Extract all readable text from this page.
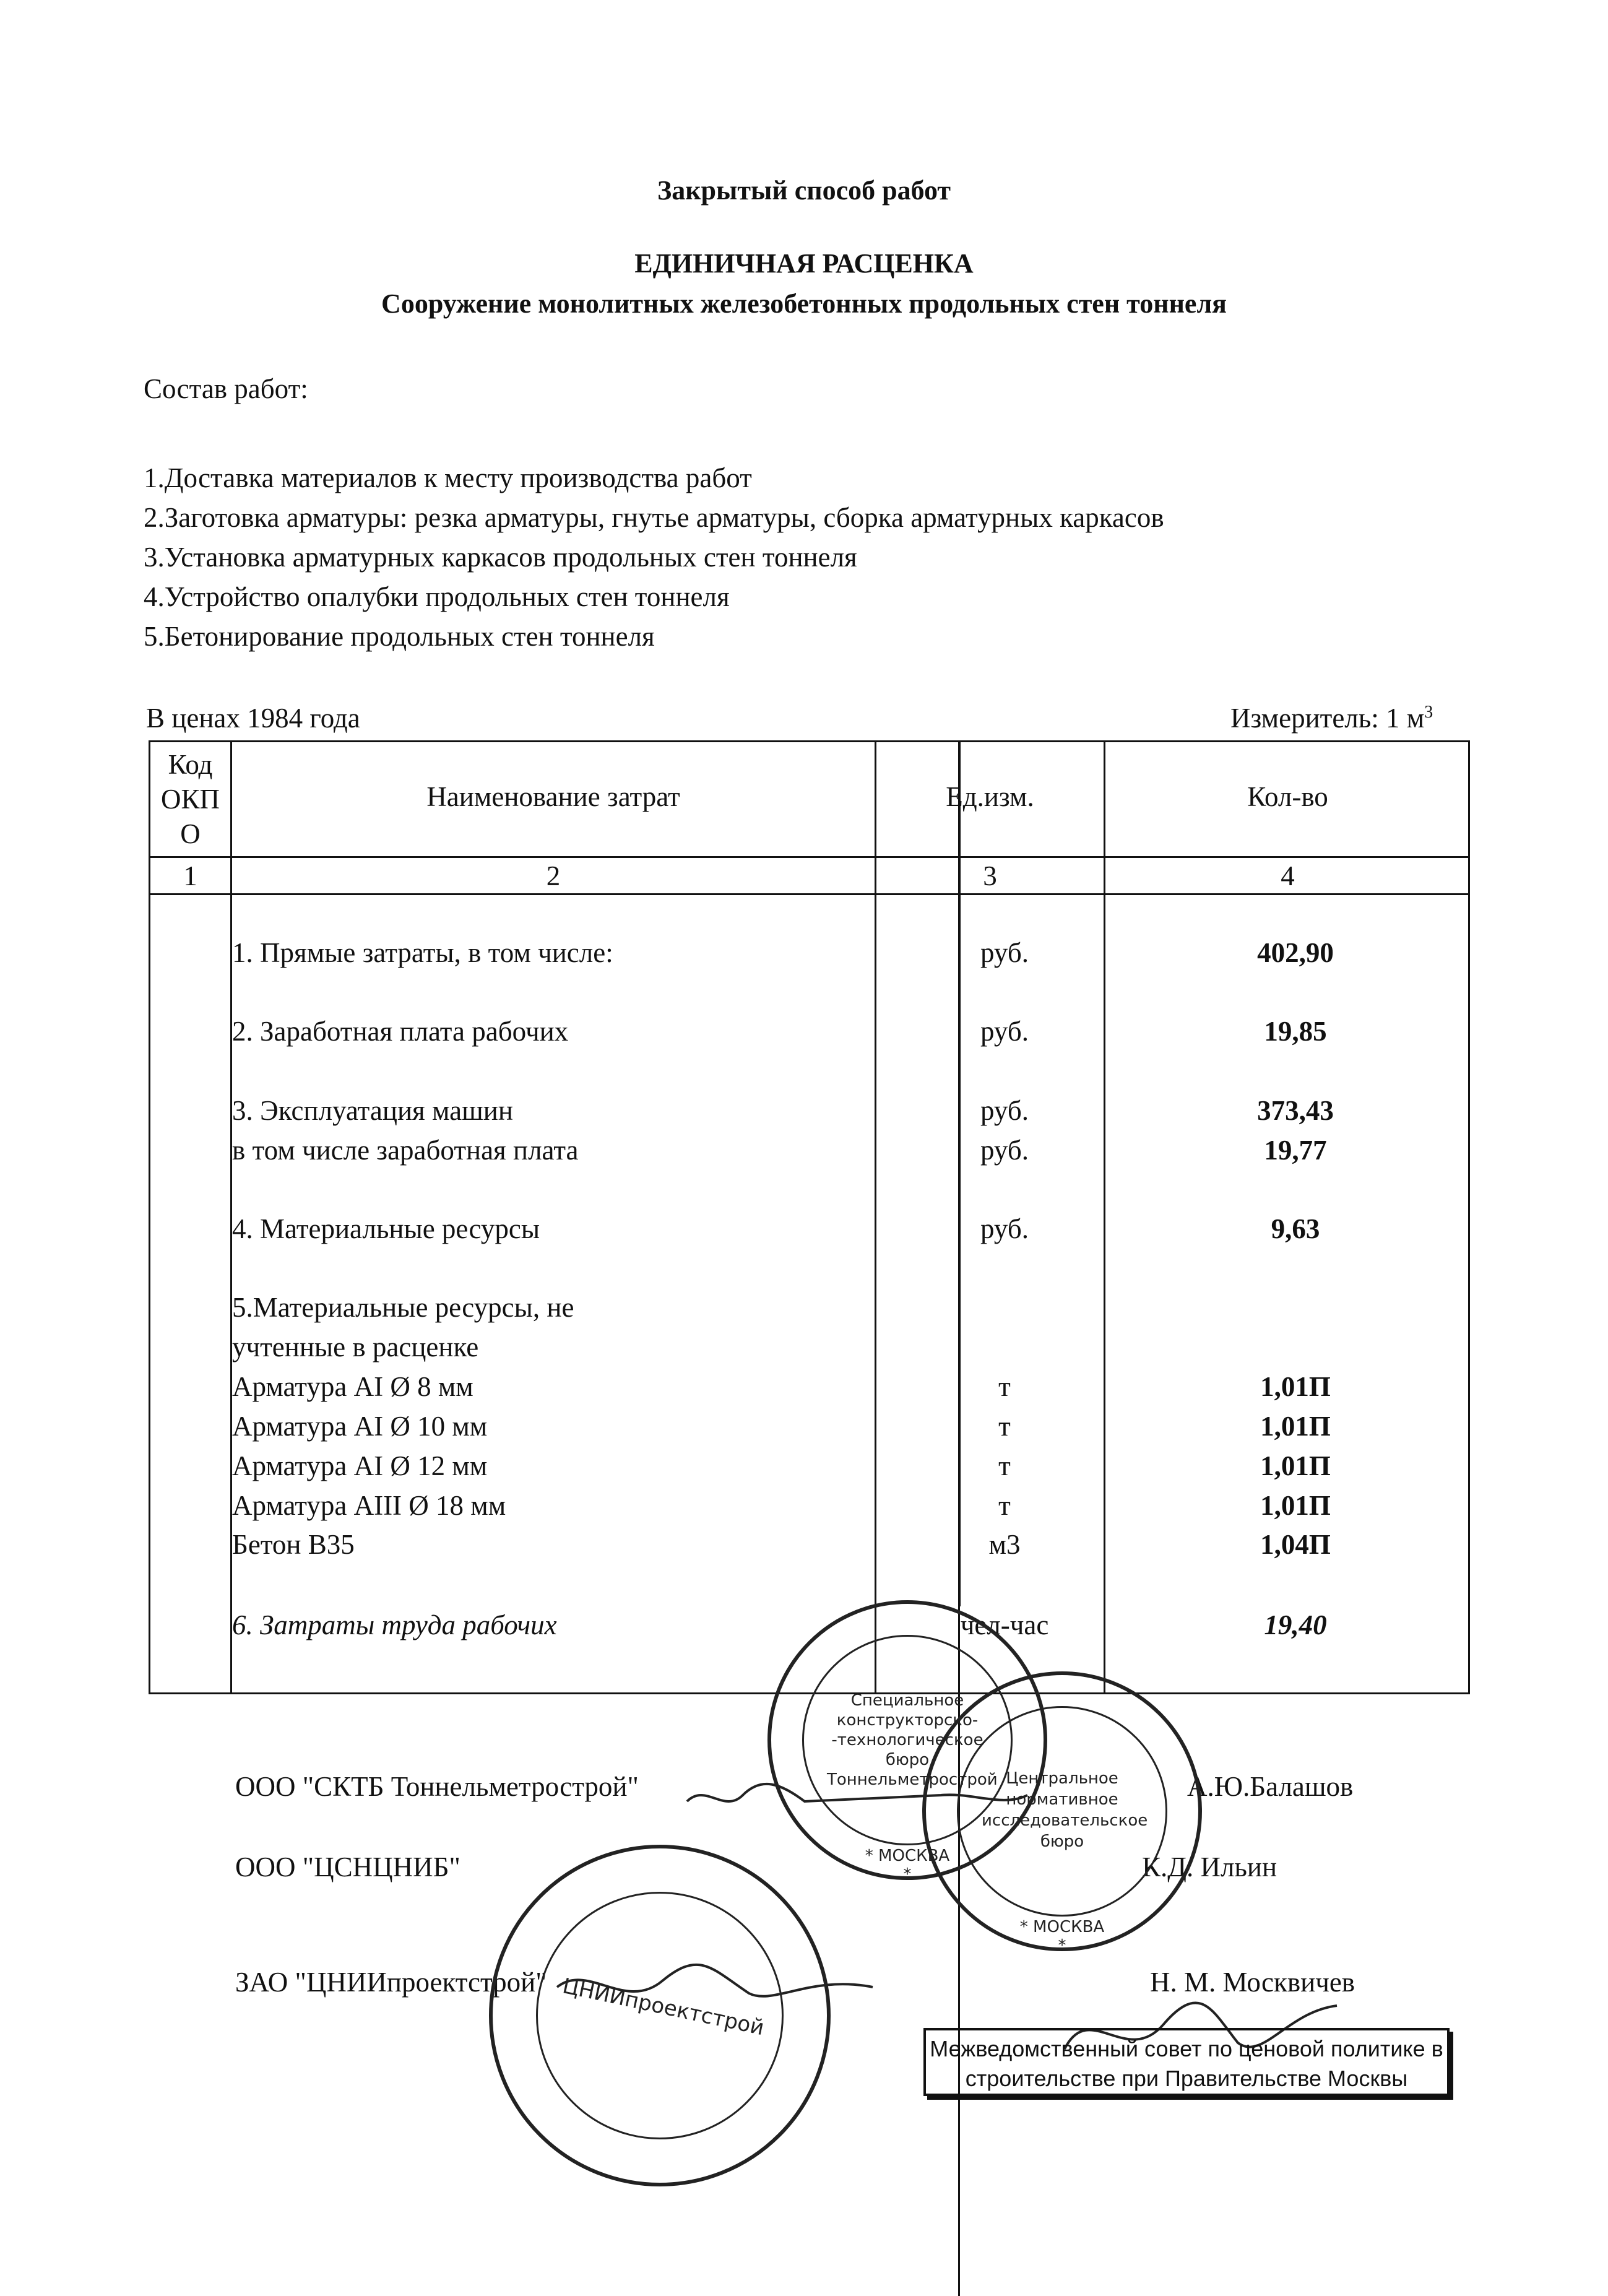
Закрытый способ работ
ЕДИНИЧНАЯ РАСЦЕНКА
Сооружение монолитных железобетонных продольных стен тоннеля
Состав работ:
1.Доставка материалов к месту производства работ
2.Заготовка арматуры: резка арматуры, гнутье арматуры, сборка арматурных каркасов
3.Установка арматурных каркасов продольных стен тоннеля
4.Устройство опалубки продольных стен тоннеля
5.Бетонирование продольных стен тоннеля
В ценах 1984 года	Измеритель: 1 $м^3$
Код
ОКП
О
Наименование затрат	Ед.изм.	Кол-во
1	2	3	4
1. Прямые затраты, в том числе:	руб.	402,90
2. Заработная плата рабочих	руб.	19,85
3. Эксплуатация машин	руб.	373,43
в том числе заработная плата	руб.	19,77
4. Материальные ресурсы	руб.	9,63
5.Материальные ресурсы, не
учтенные в расценке
Арматура AI Ø 8 мм	т	1,01П
Арматура AI Ø 10 мм	т	1,01П
Арматура AI Ø 12 мм	т	1,01П
Арматура AIII Ø 18 мм	т	1,01П
Бетон В35	м3	1,04П
6. Затраты труда рабочих	чел-час	19,40
ООО "СКТБ Тоннельметрострой"	А.Ю.Балашов
ООО "ЦСНЦНИБ"	К.Д. Ильин
ЗАО "ЦНИИпроектстрой"	Н. М. Москвичев
Специальное
конструкторско-
-технологическое
бюро
Тоннельметрострой
* МОСКВА *
Центральное
нормативное
исследовательское
бюро
* МОСКВА *
ЦНИИпроектстрой
Межведомственный совет по ценовой политике в
строительстве при Правительстве Москвы
